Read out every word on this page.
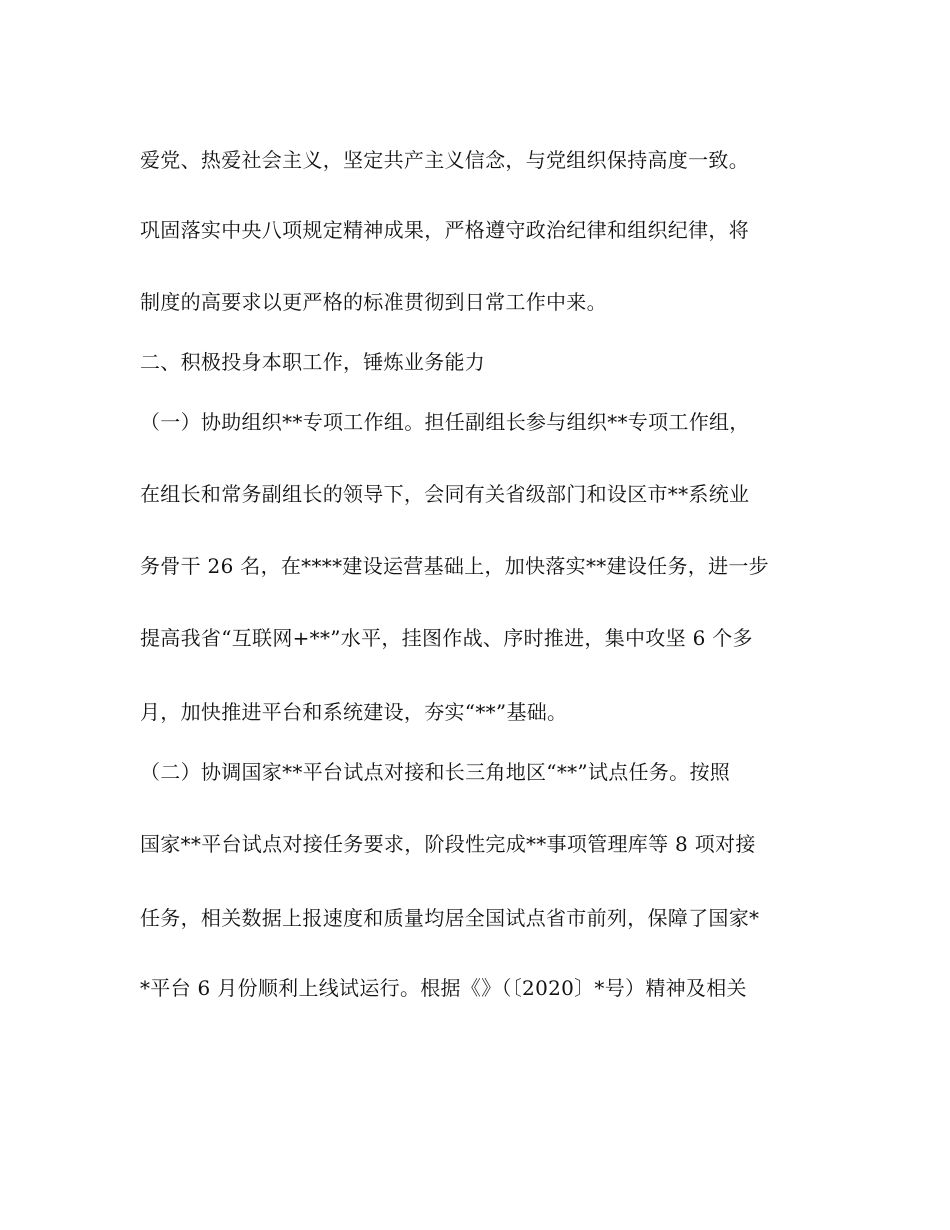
爱党、热爱社会主义，坚定共产主义信念，与党组织保持高度一致。
巩固落实中央八项规定精神成果，严格遵守政治纪律和组织纪律，将
制度的高要求以更严格的标准贯彻到日常工作中来。
二、积极投身本职工作，锤炼业务能力
（一）协助组织**专项工作组。担任副组长参与组织**专项工作组，
在组长和常务副组长的领导下，会同有关省级部门和设区市**系统业
务骨干 26 名，在****建设运营基础上，加快落实**建设任务，进一步
提高我省“互联网+**”水平，挂图作战、序时推进，集中攻坚 6 个多
月，加快推进平台和系统建设，夯实“**”基础。
（二）协调国家**平台试点对接和长三角地区“**”试点任务。按照
国家**平台试点对接任务要求，阶段性完成**事项管理库等 8 项对接
任务，相关数据上报速度和质量均居全国试点省市前列，保障了国家*
*平台 6 月份顺利上线试运行。根据《》（〔2020〕*号）精神及相关
